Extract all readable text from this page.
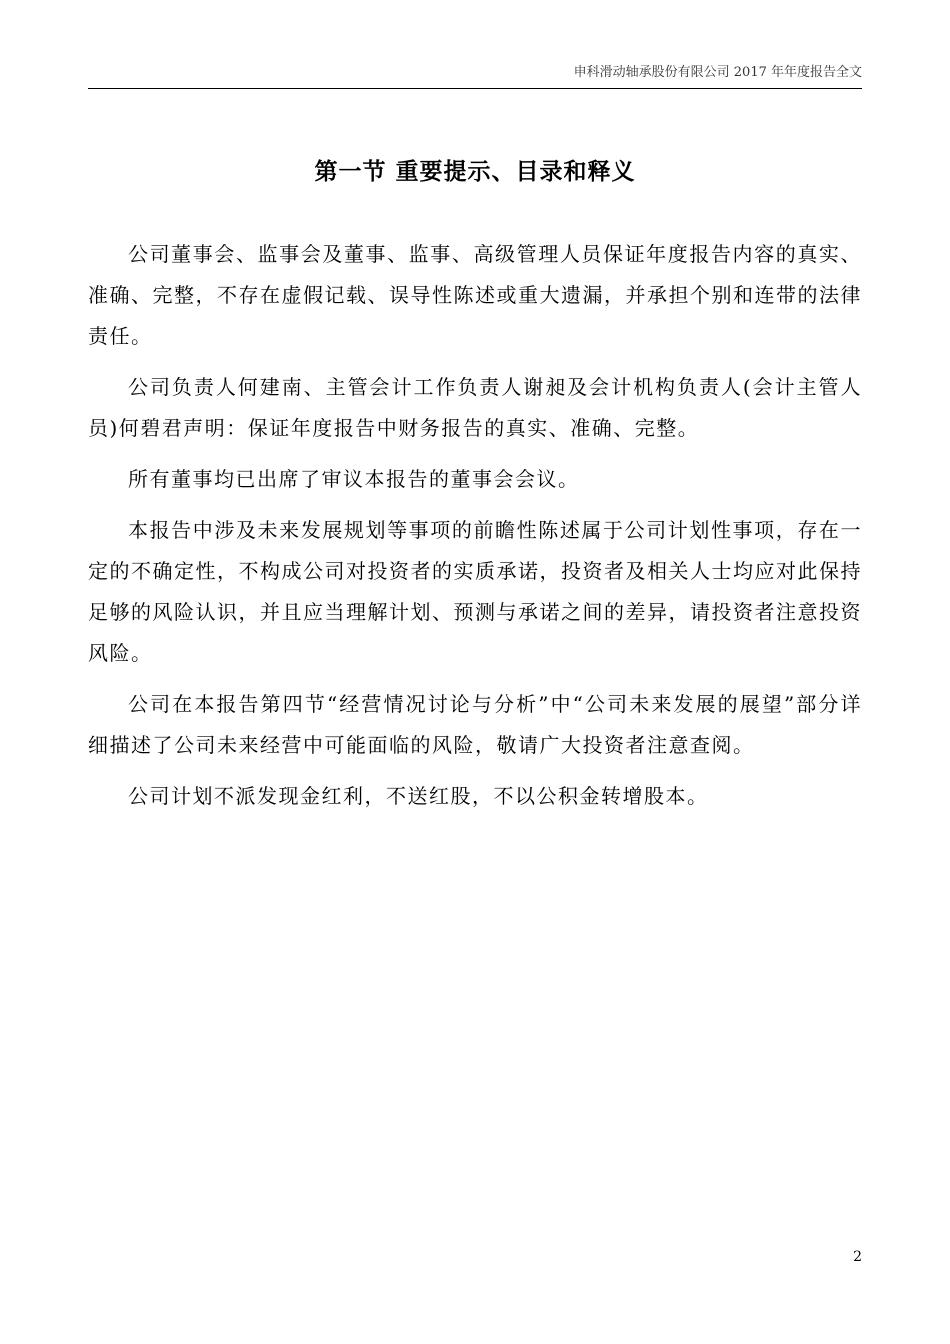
申科滑动轴承股份有限公司 2017 年年度报告全文
第一节 重要提示、目录和释义

公司董事会、监事会及董事、监事、高级管理人员保证年度报告内容的真实、准确、完整，不存在虚假记载、误导性陈述或重大遗漏，并承担个别和连带的法律责任。

公司负责人何建南、主管会计工作负责人谢昶及会计机构负责人(会计主管人员)何碧君声明：保证年度报告中财务报告的真实、准确、完整。

所有董事均已出席了审议本报告的董事会会议。

本报告中涉及未来发展规划等事项的前瞻性陈述属于公司计划性事项，存在一定的不确定性，不构成公司对投资者的实质承诺，投资者及相关人士均应对此保持足够的风险认识，并且应当理解计划、预测与承诺之间的差异，请投资者注意投资风险。

公司在本报告第四节“经营情况讨论与分析”中“公司未来发展的展望”部分详细描述了公司未来经营中可能面临的风险，敬请广大投资者注意查阅。

公司计划不派发现金红利，不送红股，不以公积金转增股本。

2
